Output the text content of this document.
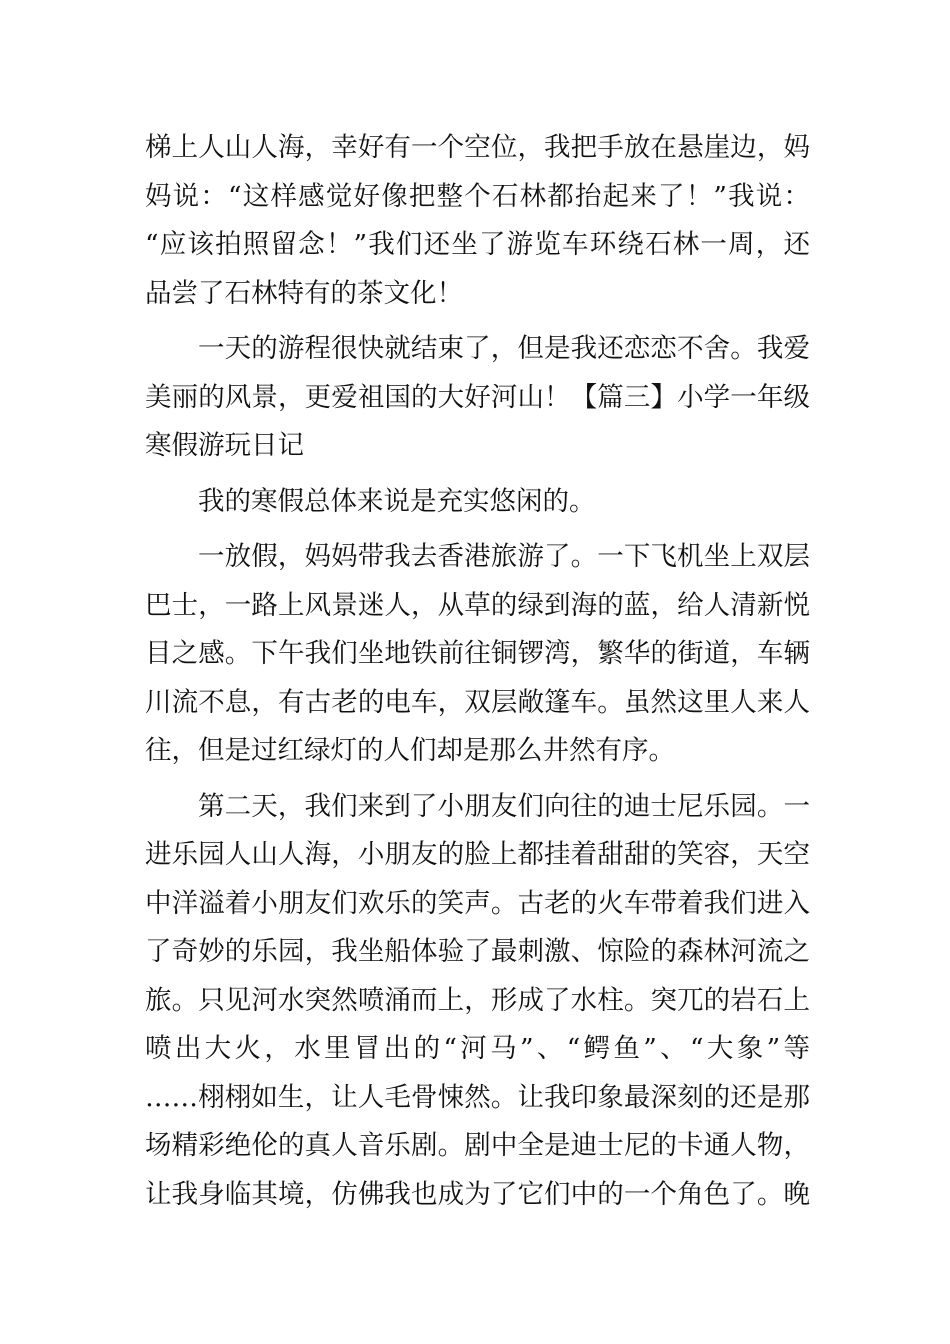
梯上人山人海，幸好有一个空位，我把手放在悬崖边，妈
妈说：“这样感觉好像把整个石林都抬起来了！”我说：
“应该拍照留念！”我们还坐了游览车环绕石林一周，还
品尝了石林特有的茶文化！
一天的游程很快就结束了，但是我还恋恋不舍。我爱
美丽的风景，更爱祖国的大好河山！【篇三】小学一年级
寒假游玩日记
我的寒假总体来说是充实悠闲的。
一放假，妈妈带我去香港旅游了。一下飞机坐上双层
巴士，一路上风景迷人，从草的绿到海的蓝，给人清新悦
目之感。下午我们坐地铁前往铜锣湾，繁华的街道，车辆
川流不息，有古老的电车，双层敞篷车。虽然这里人来人
往，但是过红绿灯的人们却是那么井然有序。
第二天，我们来到了小朋友们向往的迪士尼乐园。一
进乐园人山人海，小朋友的脸上都挂着甜甜的笑容，天空
中洋溢着小朋友们欢乐的笑声。古老的火车带着我们进入
了奇妙的乐园，我坐船体验了最刺激、惊险的森林河流之
旅。只见河水突然喷涌而上，形成了水柱。突兀的岩石上
喷出大火，水里冒出的“河马”、“鳄鱼”、“大象”等
……栩栩如生，让人毛骨悚然。让我印象最深刻的还是那
场精彩绝伦的真人音乐剧。剧中全是迪士尼的卡通人物，
让我身临其境，仿佛我也成为了它们中的一个角色了。晚
